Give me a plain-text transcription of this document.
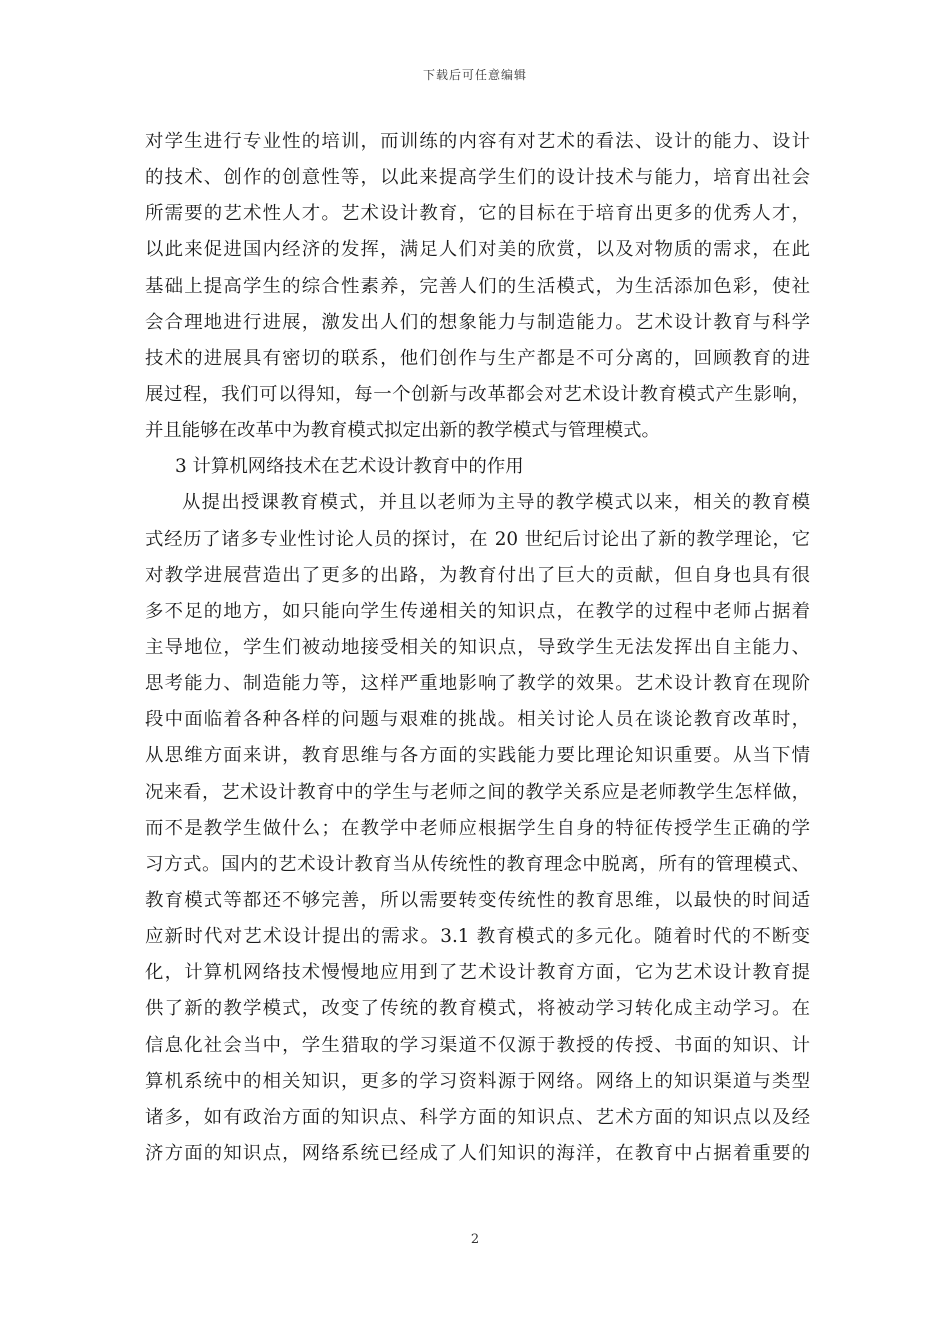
下载后可任意编辑
对学生进行专业性的培训，而训练的内容有对艺术的看法、设计的能力、设计
的技术、创作的创意性等，以此来提高学生们的设计技术与能力，培育出社会
所需要的艺术性人才。艺术设计教育，它的目标在于培育出更多的优秀人才，
以此来促进国内经济的发挥，满足人们对美的欣赏，以及对物质的需求，在此
基础上提高学生的综合性素养，完善人们的生活模式，为生活添加色彩，使社
会合理地进行进展，激发出人们的想象能力与制造能力。艺术设计教育与科学
技术的进展具有密切的联系，他们创作与生产都是不可分离的，回顾教育的进
展过程，我们可以得知，每一个创新与改革都会对艺术设计教育模式产生影响，
并且能够在改革中为教育模式拟定出新的教学模式与管理模式。
3 计算机网络技术在艺术设计教育中的作用
从提出授课教育模式，并且以老师为主导的教学模式以来，相关的教育模
式经历了诸多专业性讨论人员的探讨，在 20 世纪后讨论出了新的教学理论，它
对教学进展营造出了更多的出路，为教育付出了巨大的贡献，但自身也具有很
多不足的地方，如只能向学生传递相关的知识点，在教学的过程中老师占据着
主导地位，学生们被动地接受相关的知识点，导致学生无法发挥出自主能力、
思考能力、制造能力等，这样严重地影响了教学的效果。艺术设计教育在现阶
段中面临着各种各样的问题与艰难的挑战。相关讨论人员在谈论教育改革时，
从思维方面来讲，教育思维与各方面的实践能力要比理论知识重要。从当下情
况来看，艺术设计教育中的学生与老师之间的教学关系应是老师教学生怎样做，
而不是教学生做什么；在教学中老师应根据学生自身的特征传授学生正确的学
习方式。国内的艺术设计教育当从传统性的教育理念中脱离，所有的管理模式、
教育模式等都还不够完善，所以需要转变传统性的教育思维，以最快的时间适
应新时代对艺术设计提出的需求。3.1 教育模式的多元化。随着时代的不断变
化，计算机网络技术慢慢地应用到了艺术设计教育方面，它为艺术设计教育提
供了新的教学模式，改变了传统的教育模式，将被动学习转化成主动学习。在
信息化社会当中，学生猎取的学习渠道不仅源于教授的传授、书面的知识、计
算机系统中的相关知识，更多的学习资料源于网络。网络上的知识渠道与类型
诸多，如有政治方面的知识点、科学方面的知识点、艺术方面的知识点以及经
济方面的知识点，网络系统已经成了人们知识的海洋，在教育中占据着重要的
2
